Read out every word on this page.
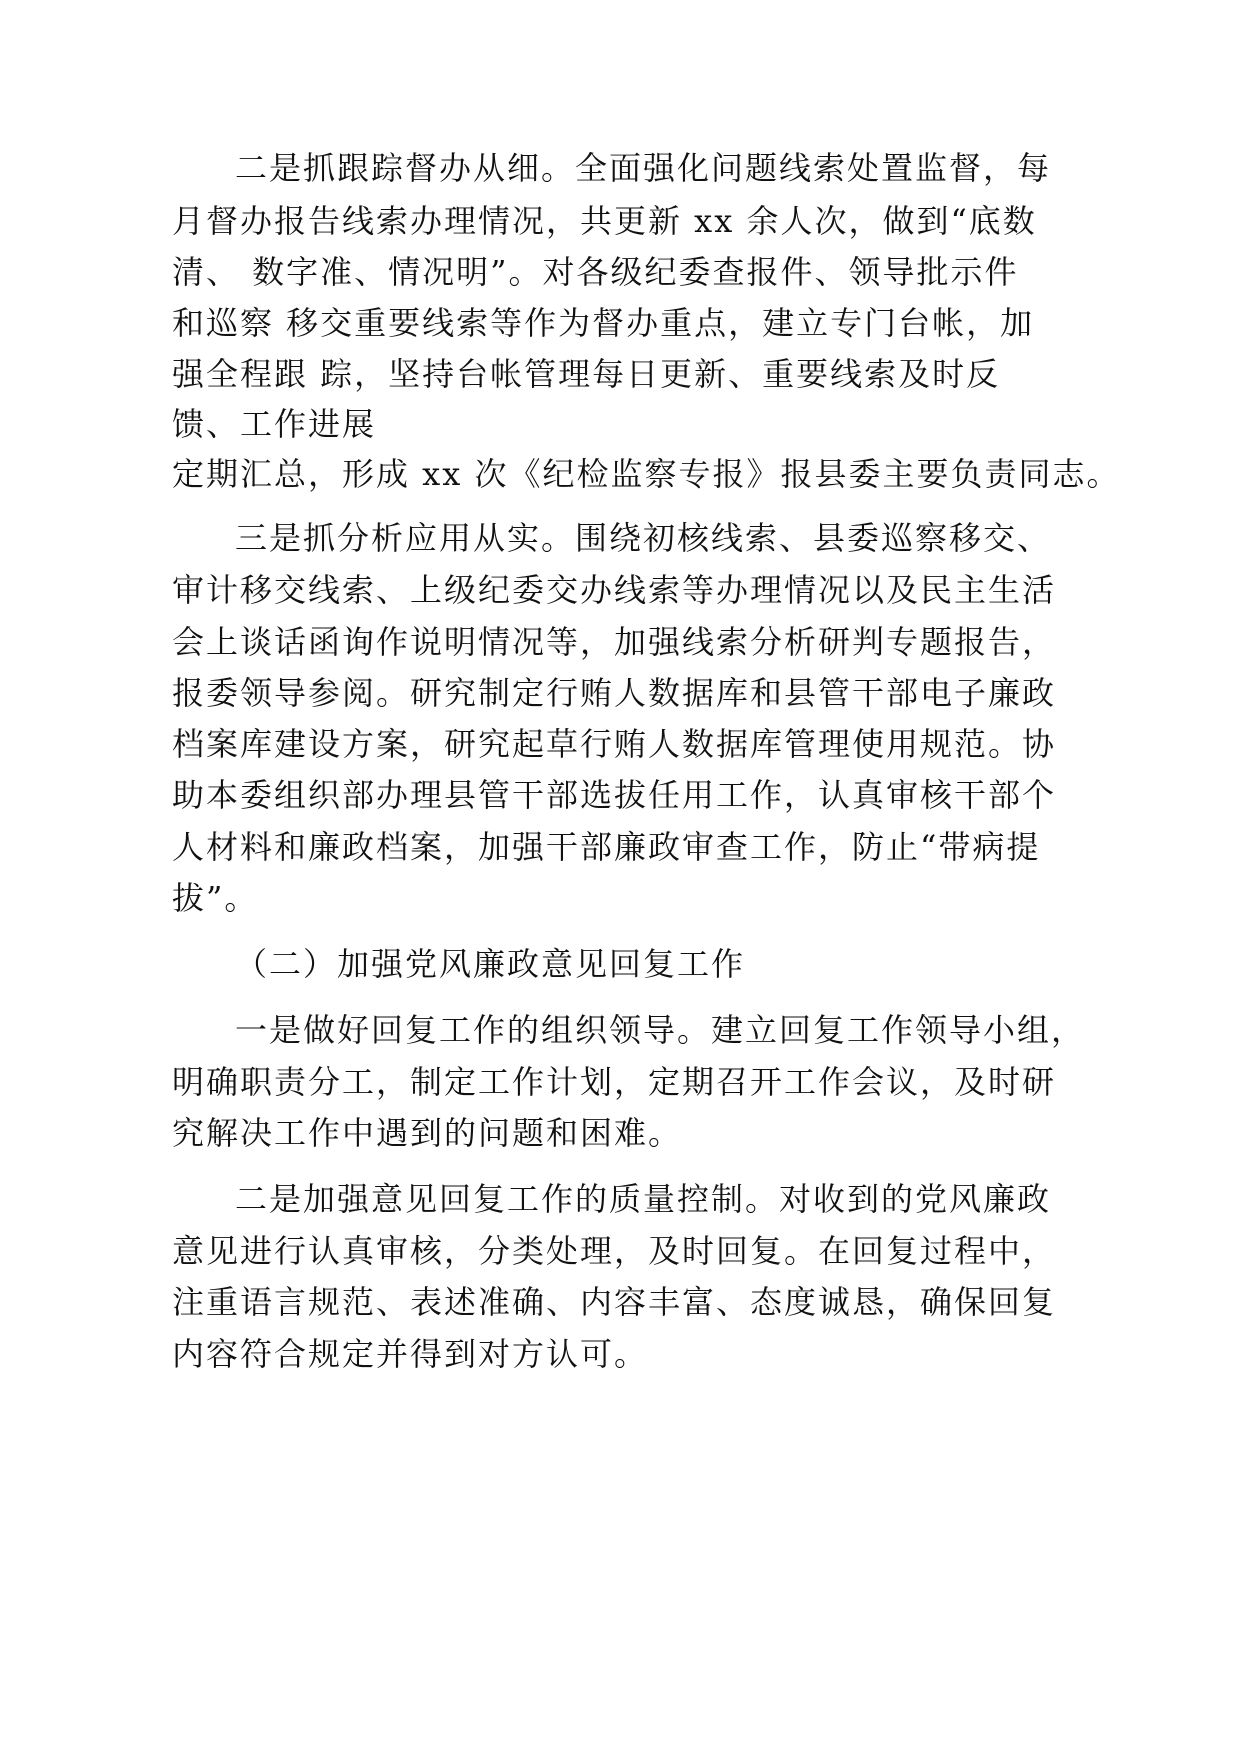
二是抓跟踪督办从细。全面强化问题线索处置监督，每

月督办报告线索办理情况，共更新 xx 余人次，做到“底数

清、 数字准、情况明”。对各级纪委查报件、领导批示件

和巡察 移交重要线索等作为督办重点，建立专门台帐，加

强全程跟 踪，坚持台帐管理每日更新、重要线索及时反

馈、工作进展

定期汇总，形成 xx 次《纪检监察专报》报县委主要负责同志。

三是抓分析应用从实。围绕初核线索、县委巡察移交、

审计移交线索、上级纪委交办线索等办理情况以及民主生活

会上谈话函询作说明情况等，加强线索分析研判专题报告，

报委领导参阅。研究制定行贿人数据库和县管干部电子廉政

档案库建设方案，研究起草行贿人数据库管理使用规范。协

助本委组织部办理县管干部选拔任用工作，认真审核干部个

人材料和廉政档案，加强干部廉政审查工作，防止“带病提

拔”。

（二）加强党风廉政意见回复工作

一是做好回复工作的组织领导。建立回复工作领导小组，

明确职责分工，制定工作计划，定期召开工作会议，及时研

究解决工作中遇到的问题和困难。

二是加强意见回复工作的质量控制。对收到的党风廉政

意见进行认真审核，分类处理，及时回复。在回复过程中，

注重语言规范、表述准确、内容丰富、态度诚恳，确保回复

内容符合规定并得到对方认可。
